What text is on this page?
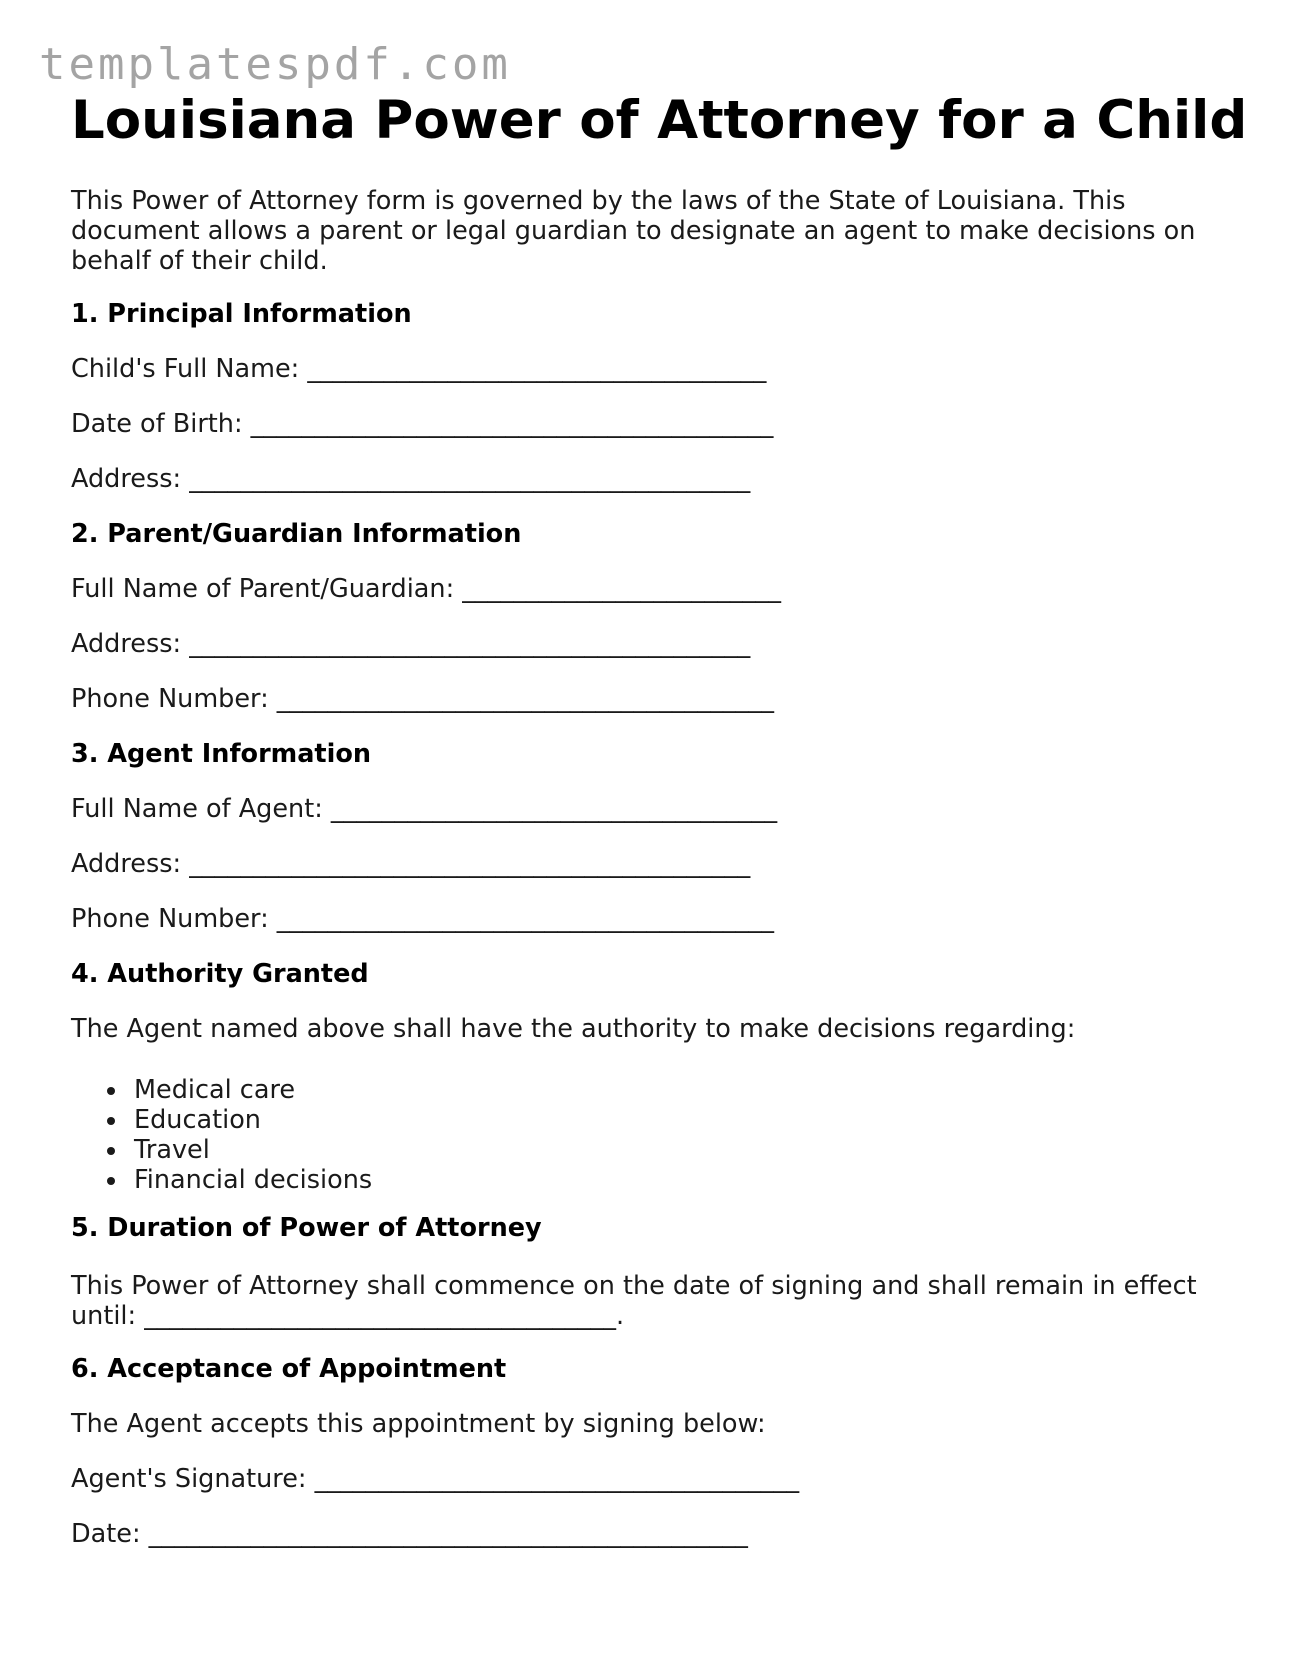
templatespdf.com
Louisiana Power of Attorney for a Child

This Power of Attorney form is governed by the laws of the State of Louisiana. This document allows a parent or legal guardian to designate an agent to make decisions on behalf of their child.

1. Principal Information
Child's Full Name: ____________________________________
Date of Birth: _________________________________________
Address: ____________________________________________
2. Parent/Guardian Information
Full Name of Parent/Guardian: _________________________
Address: ____________________________________________
Phone Number: _______________________________________
3. Agent Information
Full Name of Agent: ___________________________________
Address: ____________________________________________
Phone Number: _______________________________________
4. Authority Granted
The Agent named above shall have the authority to make decisions regarding:
Medical care
Education
Travel
Financial decisions
5. Duration of Power of Attorney

This Power of Attorney shall commence on the date of signing and shall remain in effect until: _____________________________________.

6. Acceptance of Appointment
The Agent accepts this appointment by signing below:
Agent's Signature: ______________________________________
Date: _______________________________________________
